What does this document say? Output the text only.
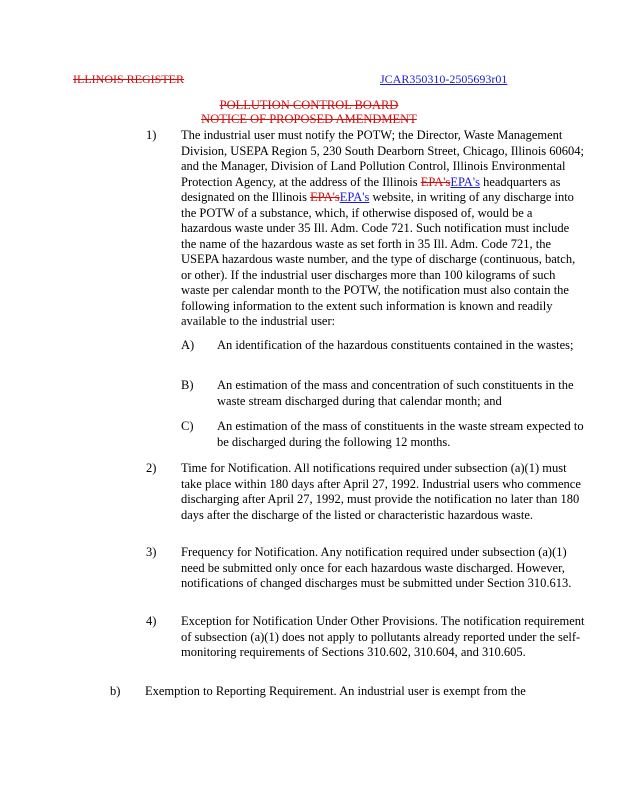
ILLINOIS REGISTER	JCAR350310-2505693r01
POLLUTION CONTROL BOARD
NOTICE OF PROPOSED AMENDMENT
1) The industrial user must notify the POTW; the Director, Waste Management Division, USEPA Region 5, 230 South Dearborn Street, Chicago, Illinois 60604; and the Manager, Division of Land Pollution Control, Illinois Environmental Protection Agency, at the address of the Illinois EPA'sEPA's headquarters as designated on the Illinois EPA'sEPA's website, in writing of any discharge into the POTW of a substance, which, if otherwise disposed of, would be a hazardous waste under 35 Ill. Adm. Code 721. Such notification must include the name of the hazardous waste as set forth in 35 Ill. Adm. Code 721, the USEPA hazardous waste number, and the type of discharge (continuous, batch, or other). If the industrial user discharges more than 100 kilograms of such waste per calendar month to the POTW, the notification must also contain the following information to the extent such information is known and readily available to the industrial user:
A) An identification of the hazardous constituents contained in the wastes;
B) An estimation of the mass and concentration of such constituents in the waste stream discharged during that calendar month; and
C) An estimation of the mass of constituents in the waste stream expected to be discharged during the following 12 months.
2) Time for Notification. All notifications required under subsection (a)(1) must take place within 180 days after April 27, 1992. Industrial users who commence discharging after April 27, 1992, must provide the notification no later than 180 days after the discharge of the listed or characteristic hazardous waste.
3) Frequency for Notification. Any notification required under subsection (a)(1) need be submitted only once for each hazardous waste discharged. However, notifications of changed discharges must be submitted under Section 310.613.
4) Exception for Notification Under Other Provisions. The notification requirement of subsection (a)(1) does not apply to pollutants already reported under the self-monitoring requirements of Sections 310.602, 310.604, and 310.605.
b) Exemption to Reporting Requirement. An industrial user is exempt from the
